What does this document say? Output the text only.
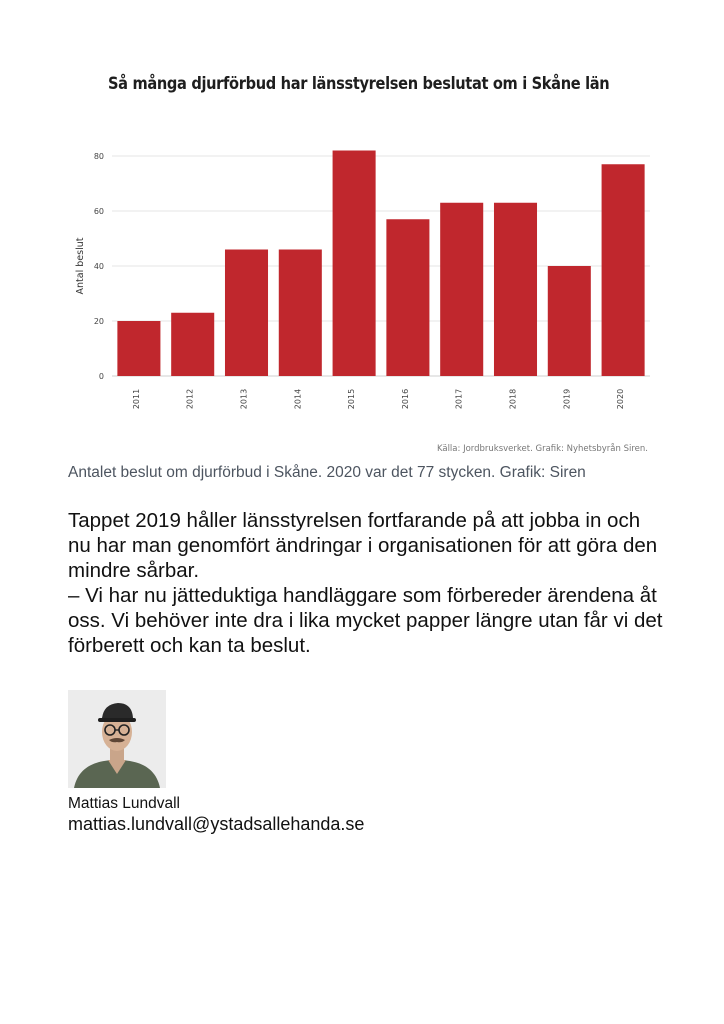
Så många djurförbud har länsstyrelsen beslutat om i Skåne län
0
20
40
60
80
2011	2012	2013	2014	2015	2016	2017	2018	2019	2020
Antal beslut
Källa: Jordbruksverket. Grafik: Nyhetsbyrån Siren.
Antalet beslut om djurförbud i Skåne. 2020 var det 77 stycken. Grafik: Siren

Tappet 2019 håller länsstyrelsen fortfarande på att jobba in och nu har man genomfört ändringar i organisationen för att göra den mindre sårbar.

– Vi har nu jätteduktiga handläggare som förbereder ärendena åt oss. Vi behöver inte dra i lika mycket papper längre utan får vi det förberett och kan ta beslut.

Mattias Lundvall
mattias.lundvall@ystadsallehanda.se
